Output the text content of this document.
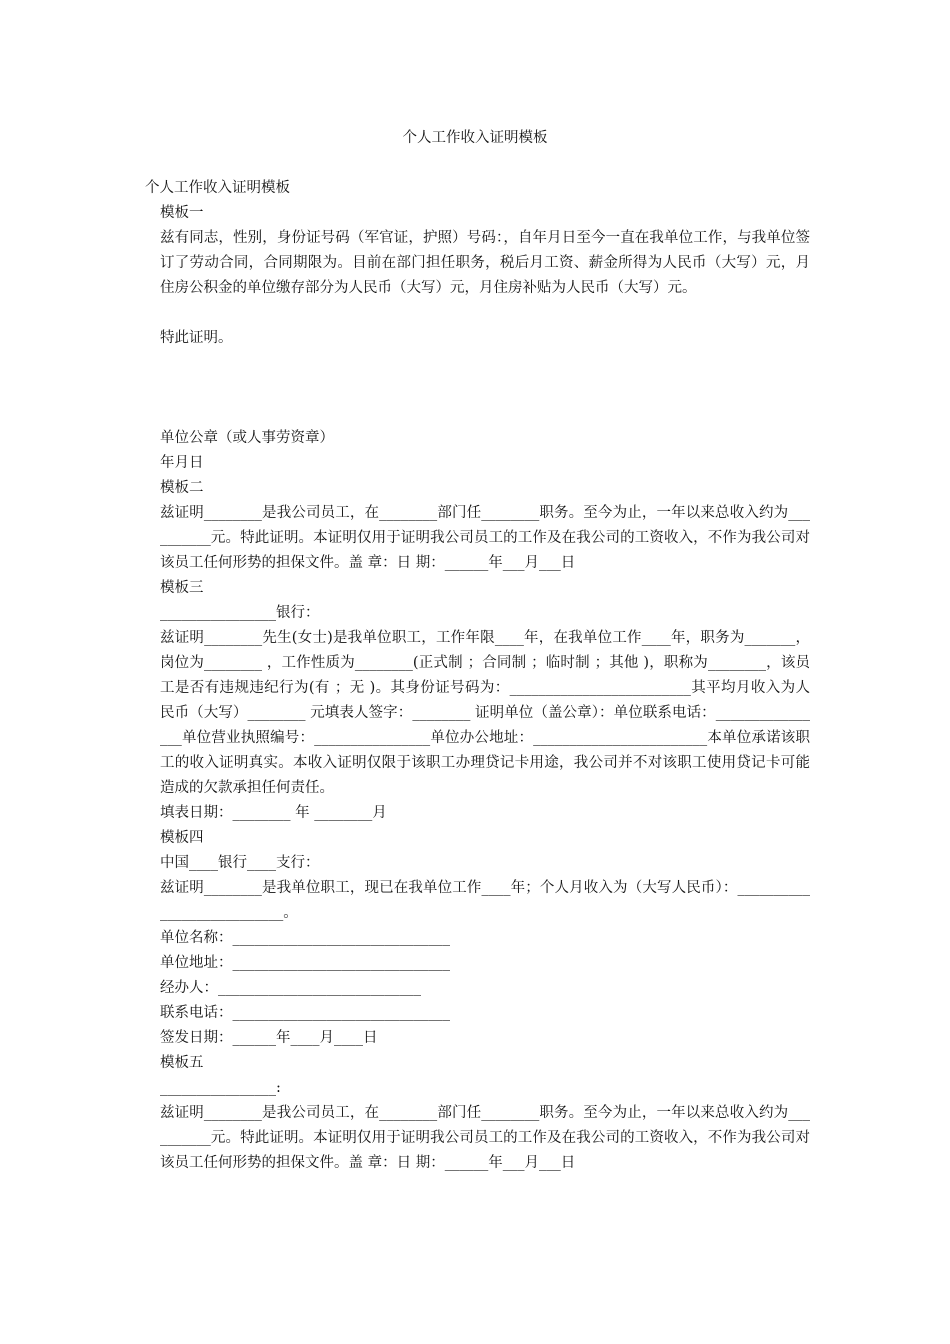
个人工作收入证明模板

个人工作收入证明模板

模板一

兹有同志，性别，身份证号码（军官证，护照）号码：，自年月日至今一直在我单位工作，与我单位签订了劳动合同，合同期限为。目前在部门担任职务，税后月工资、薪金所得为人民币（大写）元，月住房公积金的单位缴存部分为人民币（大写）元，月住房补贴为人民币（大写）元。

特此证明。

单位公章（或人事劳资章）

年月日

模板二

兹证明________是我公司员工，在________部门任________职务。至今为止，一年以来总收入约为__________元。特此证明。本证明仅用于证明我公司员工的工作及在我公司的工资收入，不作为我公司对该员工任何形势的担保文件。盖 章：日 期：______年___月___日

模板三

________________银行：

兹证明________先生(女士)是我单位职工，工作年限____年，在我单位工作____年，职务为_______，岗位为________ ，工作性质为________(正式制 ；合同制 ；临时制 ；其他 )，职称为________，该员工是否有违规违纪行为(有 ；无 )。其身份证号码为：_________________________其平均月收入为人民币（大写）________ 元填表人签字：________ 证明单位（盖公章）：单位联系电话：________________单位营业执照编号：________________单位办公地址：________________________本单位承诺该职工的收入证明真实。本收入证明仅限于该职工办理贷记卡用途，我公司并不对该职工使用贷记卡可能造成的欠款承担任何责任。

填表日期：________ 年 ________月

模板四

中国____银行____支行：

兹证明________是我单位职工，现已在我单位工作____年；个人月收入为（大写人民币）：___________________________。

单位名称：______________________________

单位地址：______________________________

经办人：____________________________

联系电话：______________________________

签发日期：______年____月____日

模板五

________________:

兹证明________是我公司员工，在________部门任________职务。至今为止，一年以来总收入约为__________元。特此证明。本证明仅用于证明我公司员工的工作及在我公司的工资收入，不作为我公司对该员工任何形势的担保文件。盖 章：日 期：______年___月___日
